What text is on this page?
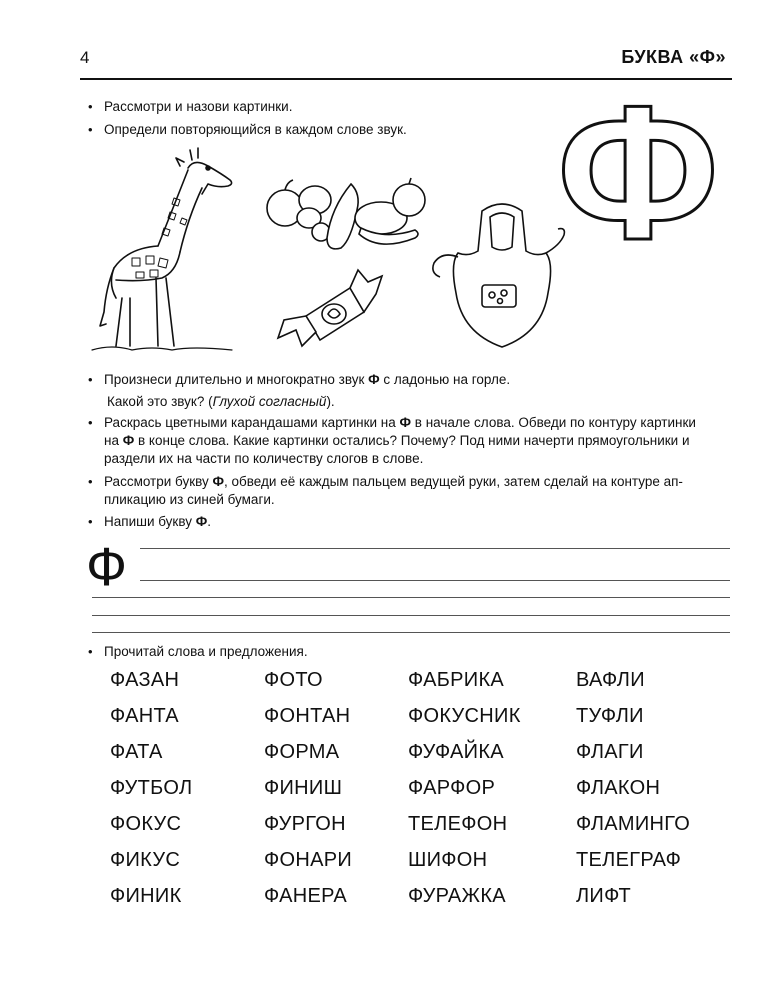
4	БУКВА «Ф»
• Рассмотри и назови картинки.
• Определи повторяющийся в каждом слове звук. Ф
• Произнеси длительно и многократно звук Ф с ладонью на горле.
Какой это звук? (Глухой согласный).
• Раскрась цветными карандашами картинки на Ф в начале слова. Обведи по контуру картинки
на Ф в конце слова. Какие картинки остались? Почему? Под ними начерти прямоугольники и
раздели их на части по количеству слогов в слове.
• Рассмотри букву Ф, обведи её каждым пальцем ведущей руки, затем сделай на контуре ап-
пликацию из синей бумаги.
• Напиши букву Ф.
Ф
• Прочитай слова и предложения.
ФАЗАН
ФАНТА
ФАТА
ФУТБОЛ
ФОКУС
ФИКУС
ФИНИК
ФОТО
ФОНТАН
ФОРМА
ФИНИШ
ФУРГОН
ФОНАРИ
ФАНЕРА
ФАБРИКА
ФОКУСНИК
ФУФАЙКА
ФАРФОР
ТЕЛЕФОН
ШИФОН
ФУРАЖКА
ВАФЛИ
ТУФЛИ
ФЛАГИ
ФЛАКОН
ФЛАМИНГО
ТЕЛЕГРАФ
ЛИФТ
